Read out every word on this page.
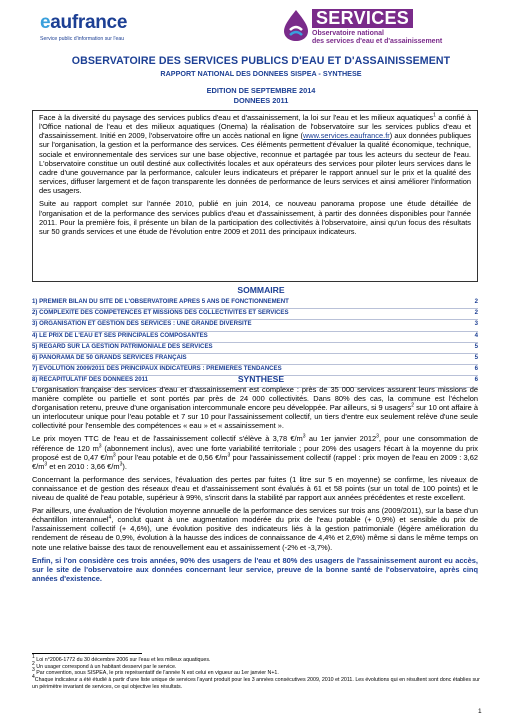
eaufrance
Service public d'information sur l'eau
SERVICES
Observatoire national
des services d'eau et d'assainissement
OBSERVATOIRE DES SERVICES PUBLICS D'EAU ET D'ASSAINISSEMENT
RAPPORT NATIONAL DES DONNEES SISPEA - SYNTHESE
EDITION DE SEPTEMBRE 2014
DONNEES 2011

Face à la diversité du paysage des services publics d'eau et d'assainissement, la loi sur l'eau et les milieux aquatiques$^1$ a confié à l'Office national de l'eau et des milieux aquatiques (Onema) la réalisation de l'observatoire sur les services publics d'eau et d'assainissement. Initié en 2009, l'observatoire offre un accès national en ligne (www.services.eaufrance.fr) aux données publiques sur l'organisation, la gestion et la performance des services. Ces éléments permettent d'évaluer la qualité économique, technique, sociale et environnementale des services sur une base objective, reconnue et partagée par tous les acteurs du secteur de l'eau. L'observatoire constitue un outil destiné aux collectivités locales et aux opérateurs des services pour piloter leurs services dans le cadre d'une gouvernance par la performance, calculer leurs indicateurs et préparer le rapport annuel sur le prix et la qualité des services, diffuser largement et de façon transparente les données de performance de leurs services et ainsi améliorer l'information des usagers.

Suite au rapport complet sur l'année 2010, publié en juin 2014, ce nouveau panorama propose une étude détaillée de l'organisation et de la performance des services publics d'eau et d'assainissement, à partir des données disponibles pour l'année 2011. Pour la première fois, il présente un bilan de la participation des collectivités à l'observatoire, ainsi qu'un focus des résultats sur 50 grands services et une étude de l'évolution entre 2009 et 2011 des principaux indicateurs.

SOMMAIRE
1) PREMIER BILAN DU SITE DE L'OBSERVATOIRE APRES 5 ANS DE FONCTIONNEMENT	2
2) COMPLEXITE DES COMPETENCES ET MISSIONS DES COLLECTIVITES ET SERVICES	2
3) ORGANISATION ET GESTION DES SERVICES : UNE GRANDE DIVERSITE	3
4) LE PRIX DE L'EAU ET SES PRINCIPALES COMPOSANTES	4
5) REGARD SUR LA GESTION PATRIMONIALE DES SERVICES	5
6) PANORAMA DE 50 GRANDS SERVICES FRANÇAIS	5
7) ÉVOLUTION 2009/2011 DES PRINCIPAUX INDICATEURS : PREMIERES TENDANCES	6
8) RECAPITULATIF DES DONNEES 2011	6
SYNTHESE

L'organisation française des services d'eau et d'assainissement est complexe : près de 35 000 services assurent leurs missions de manière complète ou partielle et sont portés par près de 24 000 collectivités. Dans 80% des cas, la commune est l'échelon d'organisation retenu, preuve d'une organisation intercommunale encore peu développée. Par ailleurs, si 9 usagers$^2$ sur 10 ont affaire à un interlocuteur unique pour l'eau potable et 7 sur 10 pour l'assainissement collectif, un tiers d'entre eux seulement relève d'une seule collectivité pour l'ensemble des compétences « eau » et « assainissement ».

Le prix moyen TTC de l'eau et de l'assainissement collectif s'élève à 3,78 $€/m^3$ au 1er janvier 2012$^3$, pour une consommation de référence de 120 $m^3$ (abonnement inclus), avec une forte variabilité territoriale ; pour 20% des usagers l'écart à la moyenne du prix proposé est de 0,47 $€/m^3$ pour l'eau potable et de 0,56 $€/m^3$ pour l'assainissement collectif (rappel : prix moyen de l'eau en 2009 : 3,62 $€/m^3$ et en 2010 : 3,66 $€/m^3$).

Concernant la performance des services, l'évaluation des pertes par fuites (1 litre sur 5 en moyenne) se confirme, les niveaux de connaissance et de gestion des réseaux d'eau et d'assainissement sont évalués à 61 et 58 points (sur un total de 100 points) et le niveau de qualité de l'eau potable, supérieur à 99%, s'inscrit dans la stabilité par rapport aux années précédentes et reste excellent.

Par ailleurs, une évaluation de l'évolution moyenne annuelle de la performance des services sur trois ans (2009/2011), sur la base d'un échantillon interannuel$^4$, conclut quant à une augmentation modérée du prix de l'eau potable (+ 0,9%) et sensible du prix de l'assainissement collectif (+ 4,6%), une évolution positive des indicateurs liés à la gestion patrimoniale (légère amélioration du rendement de réseau de 0,9%, évolution à la hausse des indices de connaissance de 4,4% et 2,6%) même si dans le même temps on note une relative baisse des taux de renouvellement eau et assainissement (-2% et -3,7%).

Enfin, si l'on considère ces trois années, 90% des usagers de l'eau et 80% des usagers de l'assainissement auront eu accès, sur le site de l'observatoire aux données concernant leur service, preuve de la bonne santé de l'observatoire, après cinq années d'existence.

$^1$ Loi n°2006-1772 du 30 décembre 2006 sur l'eau et les milieux aquatiques.

$^2$ Un usager correspond à un habitant desservi par le service.

$^3$ Par convention, sous SISPEA, le prix représentatif de l'année N est celui en vigueur au 1er janvier N+1.

$^4$Chaque indicateur a été étudié à partir d'une liste unique de services l'ayant produit pour les 3 années consécutives 2009, 2010 et 2011. Les évolutions qui en résultent sont donc établies sur un périmètre invariant de services, ce qui objective les résultats.

1
